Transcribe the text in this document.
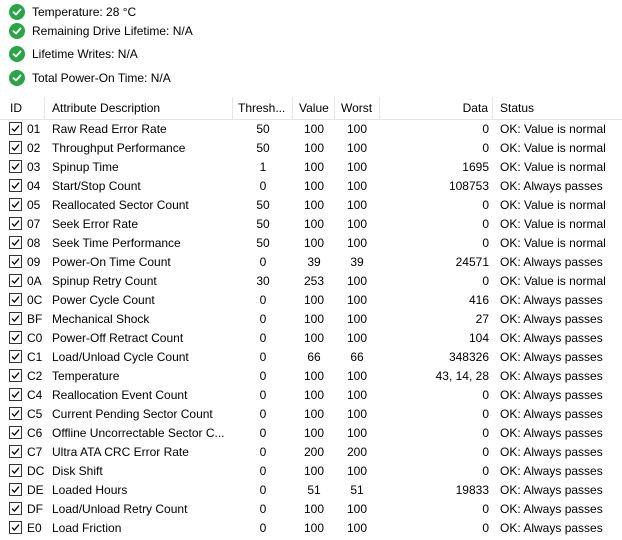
Temperature: 28 °C
Remaining Drive Lifetime: N/A
Lifetime Writes: N/A
Total Power-On Time: N/A
ID	Attribute Description	Thresh...	Value Worst	Data Status
01 Raw Read Error Rate	50	100	100	0 OK: Value is normal
02 Throughput Performance	50	100	100	0 OK: Value is normal
03 Spinup Time	1	100	100	1695 OK: Value is normal
04 Start/Stop Count	0	100	100	108753 OK: Always passes
05 Reallocated Sector Count	50	100	100	0 OK: Value is normal
07 Seek Error Rate	50	100	100	0 OK: Value is normal
08 Seek Time Performance	50	100	100	0 OK: Value is normal
09 Power-On Time Count	0	39	39	24571 OK: Always passes
0A Spinup Retry Count	30	253	100	0 OK: Value is normal
0C Power Cycle Count	0	100	100	416 OK: Always passes
BF Mechanical Shock	0	100	100	27 OK: Always passes
C0 Power-Off Retract Count	0	100	100	104 OK: Always passes
C1 Load/Unload Cycle Count	0	66	66	348326 OK: Always passes
C2 Temperature	0	100	100	43, 14, 28 OK: Always passes
C4 Reallocation Event Count	0	100	100	0 OK: Always passes
C5 Current Pending Sector Count	0	100	100	0 OK: Always passes
C6 Offline Uncorrectable Sector C...	0	100	100	0 OK: Always passes
C7 Ultra ATA CRC Error Rate	0	200	200	0 OK: Always passes
DC Disk Shift	0	100	100	0 OK: Always passes
DE Loaded Hours	0	51	51	19833 OK: Always passes
DF Load/Unload Retry Count	0	100	100	0 OK: Always passes
E0 Load Friction	0	100	100	0 OK: Always passes
